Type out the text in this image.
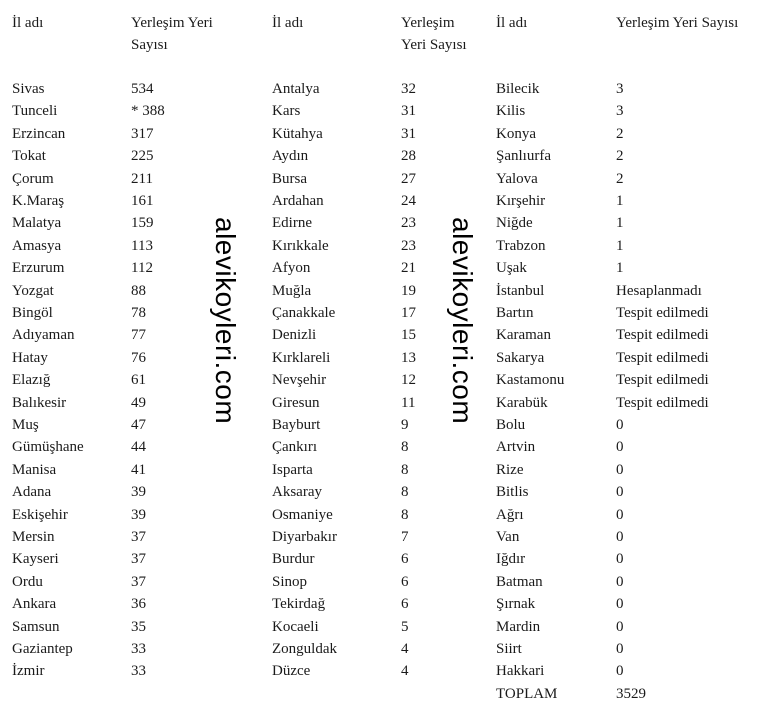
İl adı	Yerleşim Yeri
Sayısı
İl adı	Yerleşim
Yeri Sayısı
İl adı	Yerleşim Yeri Sayısı
Sivas	534
Tunceli	* 388
Erzincan	317
Tokat	225
Çorum	211
K.Maraş	161
Malatya	159
Amasya	113
Erzurum	112
Yozgat	88
Bingöl	78
Adıyaman	77
Hatay	76
Elazığ	61
Balıkesir	49
Muş	47
Gümüşhane	44
Manisa	41
Adana	39
Eskişehir	39
Mersin	37
Kayseri	37
Ordu	37
Ankara	36
Samsun	35
Gaziantep	33
İzmir	33
Antalya	32
Kars	31
Kütahya	31
Aydın	28
Bursa	27
Ardahan	24
Edirne	23
Kırıkkale	23
Afyon	21
Muğla	19
Çanakkale	17
Denizli	15
Kırklareli	13
Nevşehir	12
Giresun	11
Bayburt	9
Çankırı	8
Isparta	8
Aksaray	8
Osmaniye	8
Diyarbakır	7
Burdur	6
Sinop	6
Tekirdağ	6
Kocaeli	5
Zonguldak	4
Düzce	4
Bilecik	3
Kilis	3
Konya	2
Şanlıurfa	2
Yalova	2
Kırşehir	1
Niğde	1
Trabzon	1
Uşak	1
İstanbul	Hesaplanmadı
Bartın	Tespit edilmedi
Karaman	Tespit edilmedi
Sakarya	Tespit edilmedi
Kastamonu	Tespit edilmedi
Karabük	Tespit edilmedi
Bolu	0
Artvin	0
Rize	0
Bitlis	0
Ağrı	0
Van	0
Iğdır	0
Batman	0
Şırnak	0
Mardin	0
Siirt	0
Hakkari	0
TOPLAM	3529
alevikoyleri.com	alevikoyleri.com
